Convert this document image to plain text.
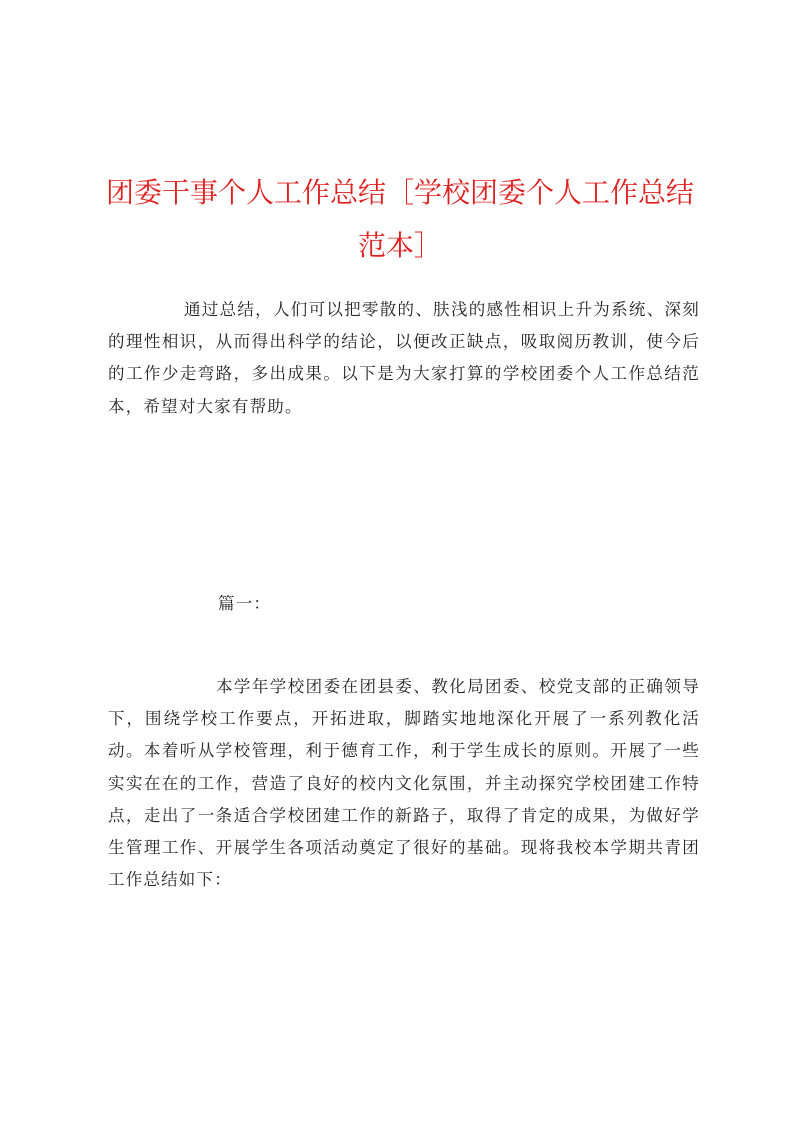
团委干事个人工作总结［学校团委个人工作总结范本］

通过总结，人们可以把零散的、肤浅的感性相识上升为系统、深刻的理性相识，从而得出科学的结论，以便改正缺点，吸取阅历教训，使今后的工作少走弯路，多出成果。以下是为大家打算的学校团委个人工作总结范本，希望对大家有帮助。

篇一：

本学年学校团委在团县委、教化局团委、校党支部的正确领导下，围绕学校工作要点，开拓进取，脚踏实地地深化开展了一系列教化活动。本着听从学校管理，利于德育工作，利于学生成长的原则。开展了一些实实在在的工作，营造了良好的校内文化氛围，并主动探究学校团建工作特点，走出了一条适合学校团建工作的新路子，取得了肯定的成果，为做好学生管理工作、开展学生各项活动奠定了很好的基础。现将我校本学期共青团工作总结如下：
